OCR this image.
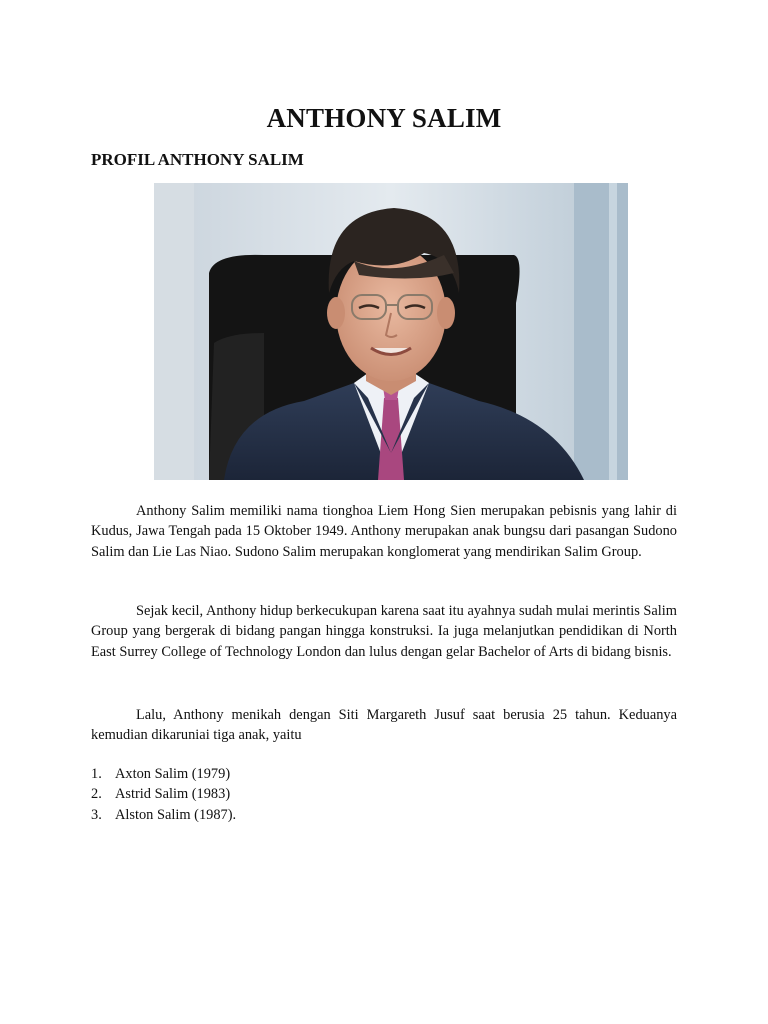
ANTHONY SALIM
PROFIL ANTHONY SALIM

Anthony Salim memiliki nama tionghoa Liem Hong Sien merupakan pebisnis yang lahir di Kudus, Jawa Tengah pada 15 Oktober 1949. Anthony merupakan anak bungsu dari pasangan Sudono Salim dan Lie Las Niao. Sudono Salim merupakan konglomerat yang mendirikan Salim Group.

Sejak kecil, Anthony hidup berkecukupan karena saat itu ayahnya sudah mulai merintis Salim Group yang bergerak di bidang pangan hingga konstruksi. Ia juga melanjutkan pendidikan di North East Surrey College of Technology London dan lulus dengan gelar Bachelor of Arts di bidang bisnis.

Lalu, Anthony menikah dengan Siti Margareth Jusuf saat berusia 25 tahun. Keduanya kemudian dikaruniai tiga anak, yaitu

1. Axton Salim (1979)
2. Astrid Salim (1983)
3. Alston Salim (1987).
